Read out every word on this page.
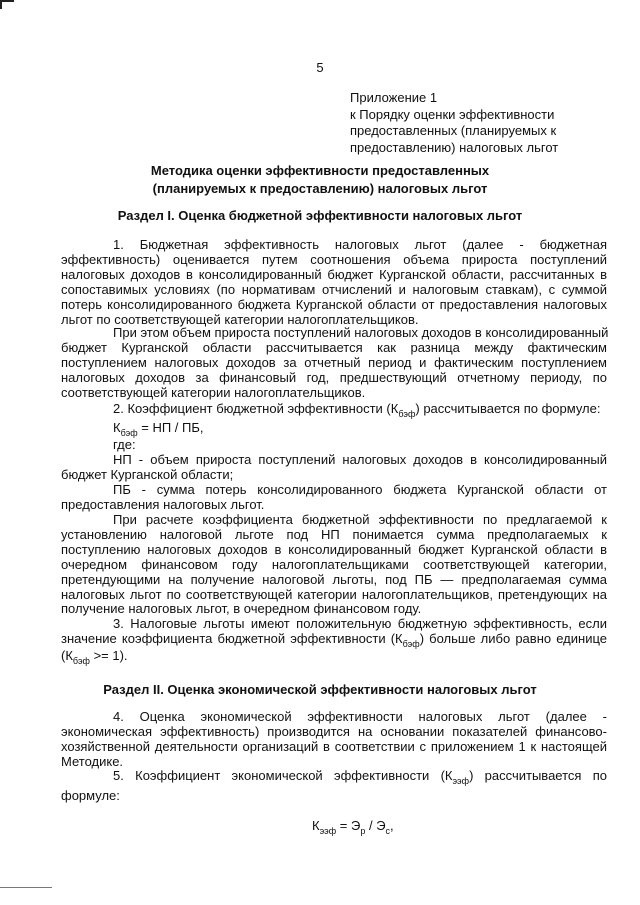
5
Приложение 1
к Порядку оценки эффективности
предоставленных (планируемых к
предоставлению) налоговых льгот
Методика оценки эффективности предоставленных
(планируемых к предоставлению) налоговых льгот
Раздел I. Оценка бюджетной эффективности налоговых льгот
1. Бюджетная эффективность налоговых льгот (далее - бюджетная
эффективность) оценивается путем соотношения объема прироста поступлений
налоговых доходов в консолидированный бюджет Курганской области, рассчитанных в
сопоставимых условиях (по нормативам отчислений и налоговым ставкам), с суммой
потерь консолидированного бюджета Курганской области от предоставления налоговых
льгот по соответствующей категории налогоплательщиков.
При этом объем прироста поступлений налоговых доходов в консолидированный
бюджет Курганской области рассчитывается как разница между фактическим
поступлением налоговых доходов за отчетный период и фактическим поступлением
налоговых доходов за финансовый год, предшествующий отчетному периоду, по
соответствующей категории налогоплательщиков.
2. Коэффициент бюджетной эффективности $(К_{бэф})$ рассчитывается по формуле:
$К_{бэф}$ = НП / ПБ,
где:
НП - объем прироста поступлений налоговых доходов в консолидированный
бюджет Курганской области;
ПБ - сумма потерь консолидированного бюджета Курганской области от
предоставления налоговых льгот.
При расчете коэффициента бюджетной эффективности по предлагаемой к
установлению налоговой льготе под НП понимается сумма предполагаемых к
поступлению налоговых доходов в консолидированный бюджет Курганской области в
очередном финансовом году налогоплательщиками соответствующей категории,
претендующими на получение налоговой льготы, под ПБ — предполагаемая сумма
налоговых льгот по соответствующей категории налогоплательщиков, претендующих на
получение налоговых льгот, в очередном финансовом году.
3. Налоговые льготы имеют положительную бюджетную эффективность, если
значение коэффициента бюджетной эффективности $(К_{бэф})$ больше либо равно единице
$(К_{бэф} >= 1)$.
Раздел II. Оценка экономической эффективности налоговых льгот
4. Оценка экономической эффективности налоговых льгот (далее -
экономическая эффективность) производится на основании показателей финансово-
хозяйственной деятельности организаций в соответствии с приложением 1 к настоящей
Методике.
5. Коэффициент экономической эффективности $(К_{ээф})$ рассчитывается по
формуле:
$К_{ээф} = Э_р / Э_с$,
